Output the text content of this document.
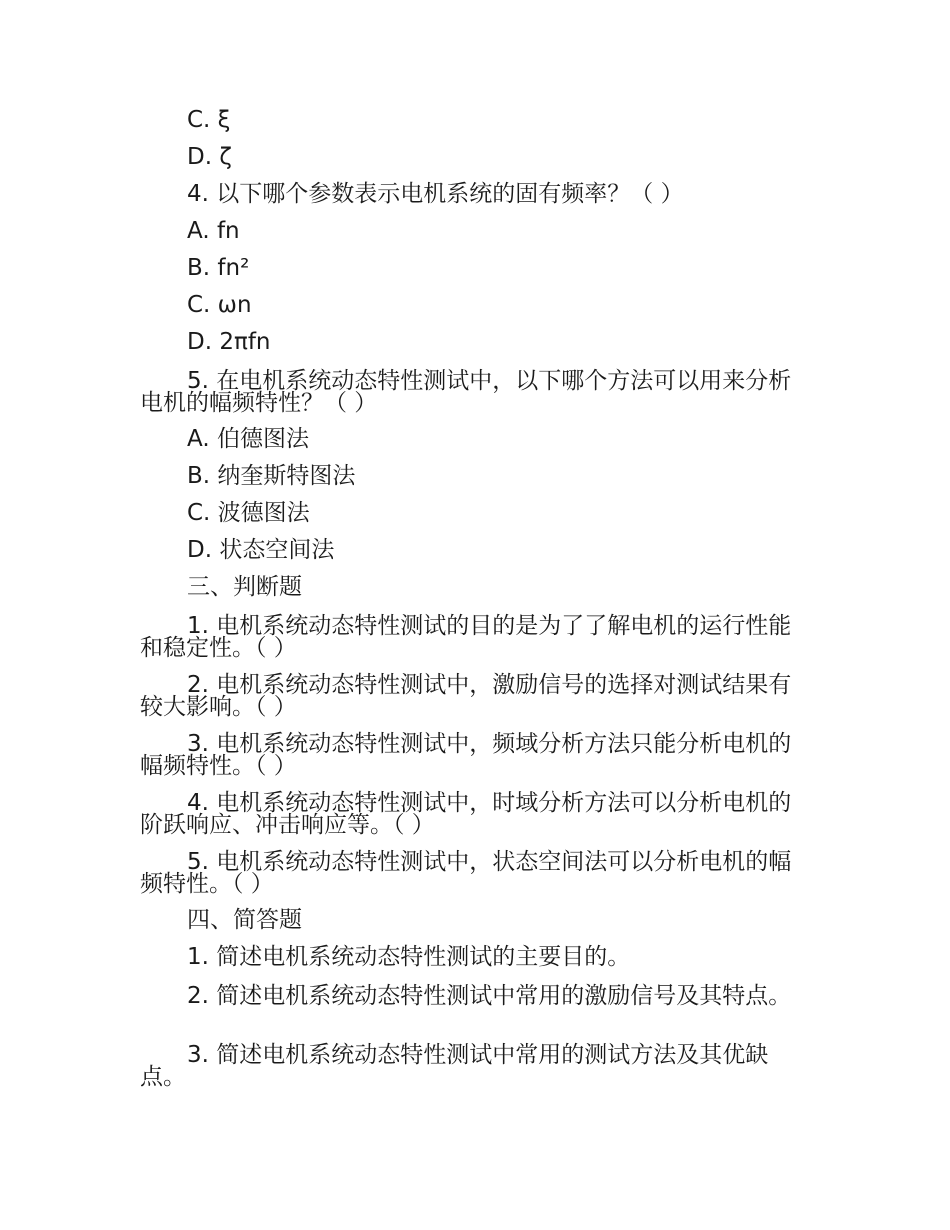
C. ξ
D. ζ
4. 以下哪个参数表示电机系统的固有频率？（ ）
A. fn
B. fn²
C. ωn
D. 2πfn
5. 在电机系统动态特性测试中，以下哪个方法可以用来分析电机的幅频特性？（ ）
A. 伯德图法
B. 纳奎斯特图法
C. 波德图法
D. 状态空间法
三、判断题
1. 电机系统动态特性测试的目的是为了了解电机的运行性能和稳定性。（ ）
2. 电机系统动态特性测试中，激励信号的选择对测试结果有较大影响。（ ）
3. 电机系统动态特性测试中，频域分析方法只能分析电机的幅频特性。（ ）
4. 电机系统动态特性测试中，时域分析方法可以分析电机的阶跃响应、冲击响应等。（ ）
5. 电机系统动态特性测试中，状态空间法可以分析电机的幅频特性。（ ）
四、简答题
1. 简述电机系统动态特性测试的主要目的。
2. 简述电机系统动态特性测试中常用的激励信号及其特点。
3. 简述电机系统动态特性测试中常用的测试方法及其优缺点。
